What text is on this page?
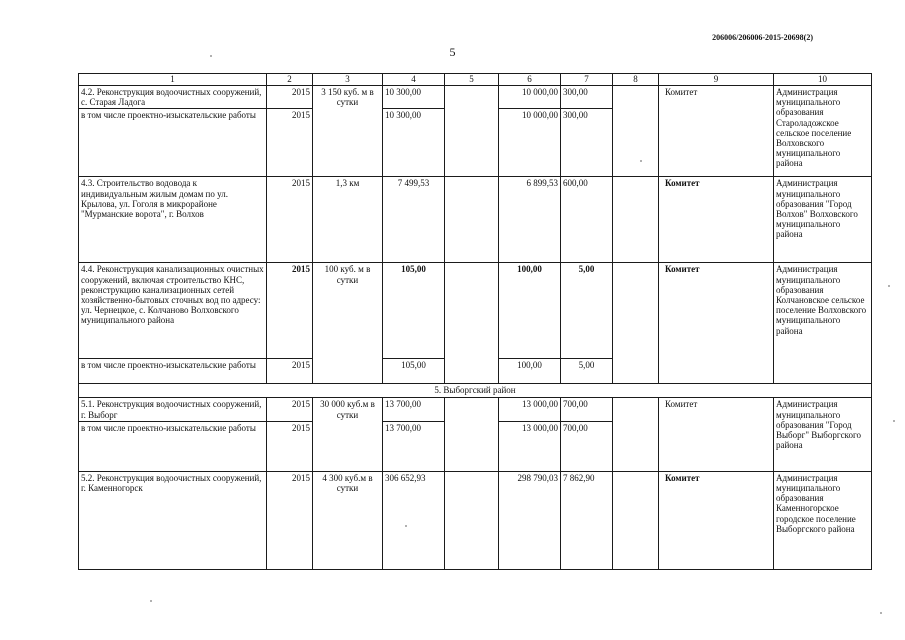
206006/206006-2015-20698(2)
5
1	2	3	4	5	6	7	8	9	10
4.2. Реконструкция водоочистных сооружений, с. Старая Ладога	2015	3 150 куб. м в сутки	10 300,00		10 000,00	300,00		Комитет	Администрация муниципального образования Староладожское сельское поселение Волховского муниципального района
в том числе проектно-изыскательские работы	2015		10 300,00		10 000,00	300,00			
4.3. Строительство водовода к индивидуальным жилым домам по ул. Крылова, ул. Гоголя в микрорайоне "Мурманские ворота", г. Волхов	2015	1,3 км	7 499,53		6 899,53	600,00		Комитет	Администрация муниципального образования "Город Волхов" Волховского муниципального района
4.4. Реконструкция канализационных очистных сооружений, включая строительство КНС, реконструкцию канализационных сетей хозяйственно-бытовых сточных вод по адресу: ул. Чернецкое, с. Колчаново Волховского муниципального района	2015	100 куб. м в сутки	105,00		100,00	5,00		Комитет	Администрация муниципального образования Колчановское сельское поселение Волховского муниципального района
в том числе проектно-изыскательские работы	2015		105,00		100,00	5,00			
5. Выборгский район									
5.1. Реконструкция водоочистных сооружений, г. Выборг	2015	30 000 куб.м в сутки	13 700,00		13 000,00	700,00		Комитет	Администрация муниципального образования "Город Выборг" Выборгского района
в том числе проектно-изыскательские работы	2015		13 700,00		13 000,00	700,00			
5.2. Реконструкция водоочистных сооружений, г. Каменногорск	2015	4 300 куб.м в сутки	306 652,93		298 790,03	7 862,90		Комитет	Администрация муниципального образования Каменногорское городское поселение Выборгского района
